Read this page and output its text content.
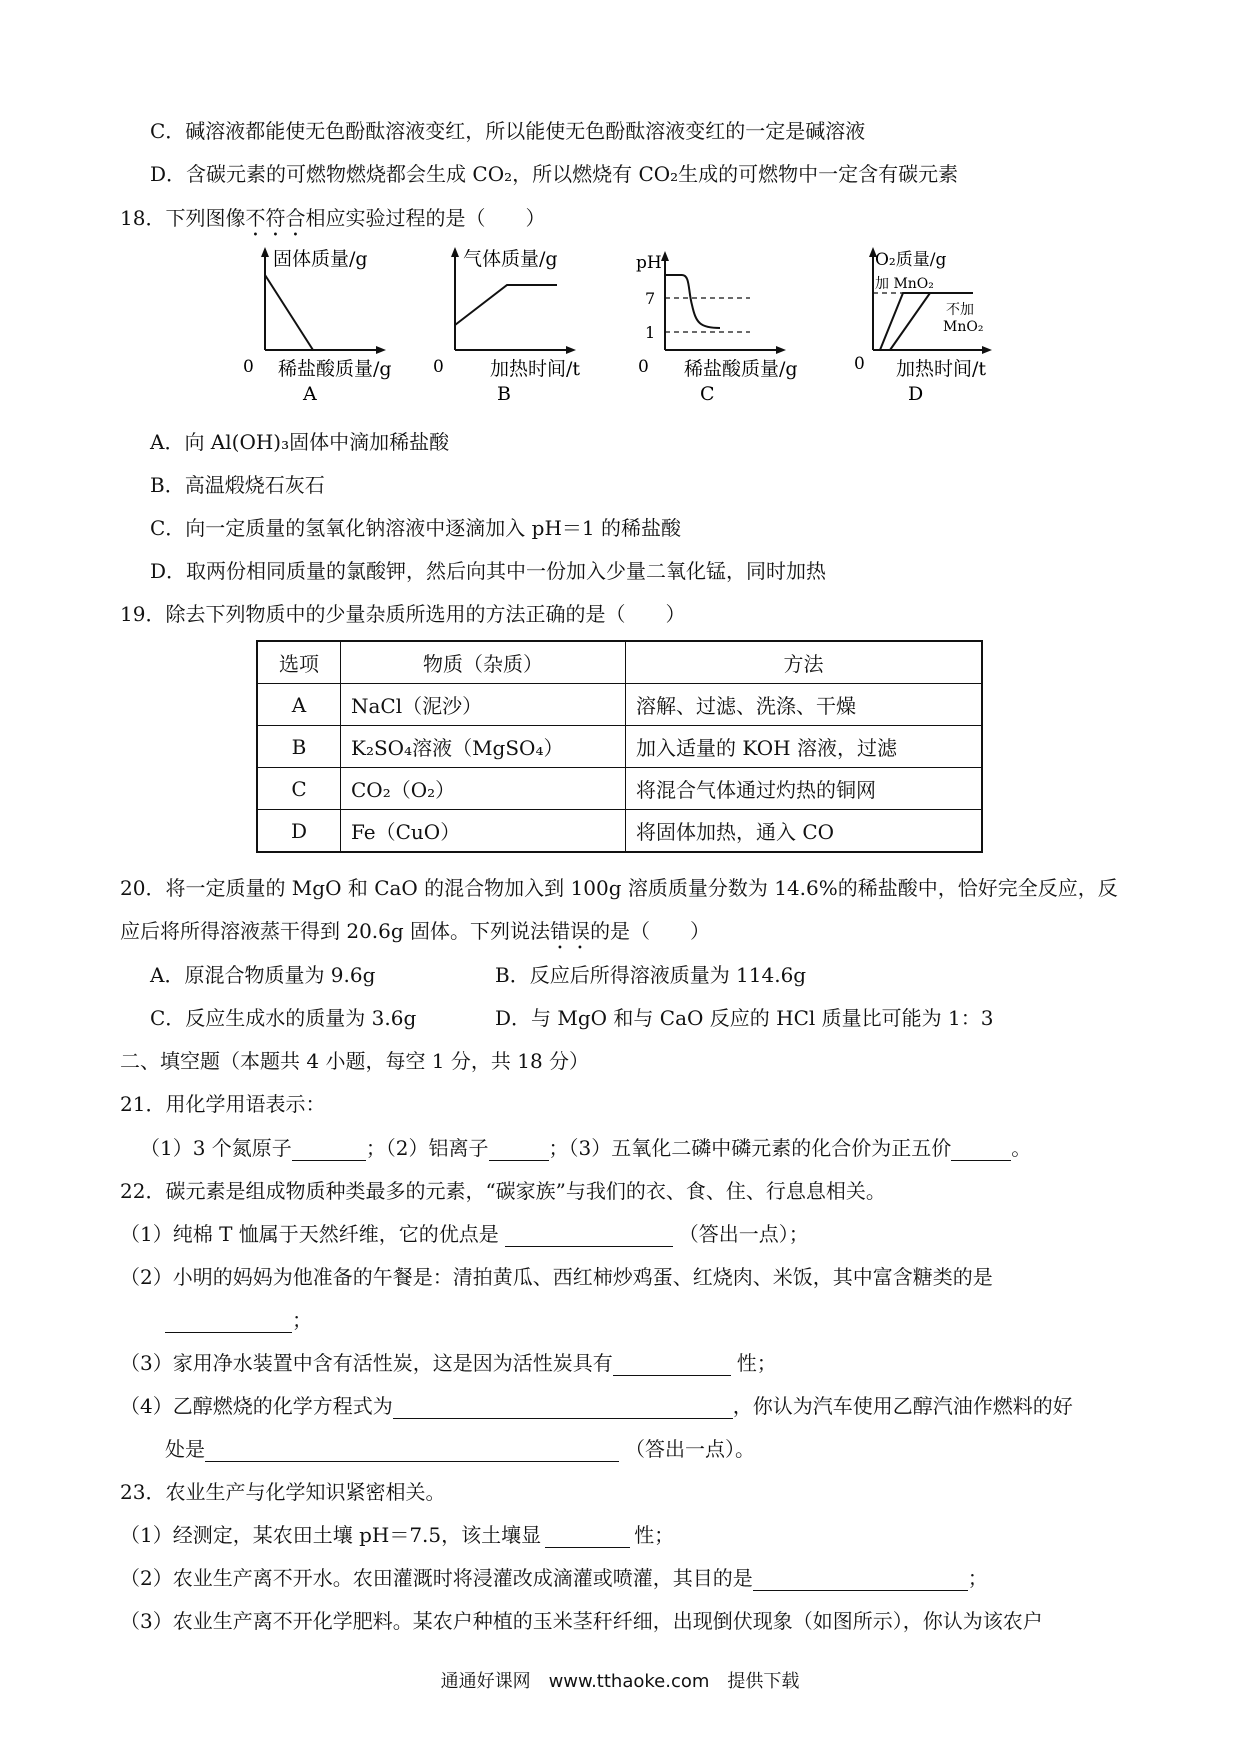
C．碱溶液都能使无色酚酞溶液变红，所以能使无色酚酞溶液变红的一定是碱溶液
D．含碳元素的可燃物燃烧都会生成 CO₂，所以燃烧有 CO₂生成的可燃物中一定含有碳元素
18．下列图像不符合相应实验过程的是（　　）
固体质量/g
0 稀盐酸质量/g
A
气体质量/g
0 加热时间/t
B
pH
7
1
0 稀盐酸质量/g
C
O₂质量/g
加 MnO₂
不加
MnO₂
0 加热时间/t
D
A．向 Al(OH)₃固体中滴加稀盐酸
B．高温煅烧石灰石
C．向一定质量的氢氧化钠溶液中逐滴加入 pH＝1 的稀盐酸
D．取两份相同质量的氯酸钾，然后向其中一份加入少量二氧化锰，同时加热
19．除去下列物质中的少量杂质所选用的方法正确的是（　　）
选项	物质（杂质）	方法
A	NaCl（泥沙）	溶解、过滤、洗涤、干燥
B	K₂SO₄溶液（MgSO₄）	加入适量的 KOH 溶液，过滤
C	CO₂（O₂）	将混合气体通过灼热的铜网
D	Fe（CuO）	将固体加热，通入 CO
20．将一定质量的 MgO 和 CaO 的混合物加入到 100g 溶质质量分数为 14.6%的稀盐酸中，恰好完全反应，反
应后将所得溶液蒸干得到 20.6g 固体。下列说法错误的是（　　）
A．原混合物质量为 9.6g	B．反应后所得溶液质量为 114.6g
C．反应生成水的质量为 3.6g	D．与 MgO 和与 CaO 反应的 HCl 质量比可能为 1：3
二、填空题（本题共 4 小题，每空 1 分，共 18 分）
21．用化学用语表示：
（1）3 个氮原子	；（2）铝离子	；（3）五氧化二磷中磷元素的化合价为正五价	。
22．碳元素是组成物质种类最多的元素，“碳家族”与我们的衣、食、住、行息息相关。
（1）纯棉 T 恤属于天然纤维，它的优点是	（答出一点）；
（2）小明的妈妈为他准备的午餐是：清拍黄瓜、西红柿炒鸡蛋、红烧肉、米饭，其中富含糖类的是
；
（3）家用净水装置中含有活性炭，这是因为活性炭具有	性；
（4）乙醇燃烧的化学方程式为	，你认为汽车使用乙醇汽油作燃料的好
处是	（答出一点）。
23．农业生产与化学知识紧密相关。
（1）经测定，某农田土壤 pH＝7.5，该土壤显	性；
（2）农业生产离不开水。农田灌溉时将浸灌改成滴灌或喷灌，其目的是	；
（3）农业生产离不开化学肥料。某农户种植的玉米茎秆纤细，出现倒伏现象（如图所示），你认为该农户
通通好课网　www.tthaoke.com　提供下载
